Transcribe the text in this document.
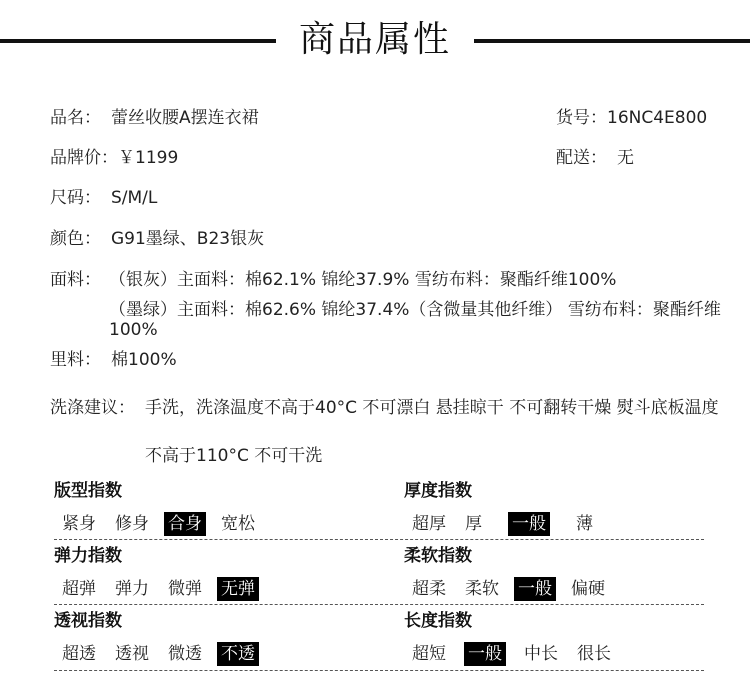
商品属性
品名： 蕾丝收腰A摆连衣裙	货号：16NC4E800
品牌价：￥1199	配送： 无
尺码： S/M/L
颜色： G91墨绿、B23银灰
面料： （银灰）主面料：棉62.1% 锦纶37.9% 雪纺布料：聚酯纤维100%
（墨绿）主面料：棉62.6% 锦纶37.4%（含微量其他纤维） 雪纺布料：聚酯纤维
100%
里料： 棉100%
洗涤建议： 手洗，洗涤温度不高于40°C 不可漂白 悬挂晾干 不可翻转干燥 熨斗底板温度
不高于110°C 不可干洗
版型指数
紧身 修身 合身 宽松
厚度指数
超厚 厚 一般 薄
弹力指数
超弹 弹力 微弹 无弹
柔软指数
超柔 柔软 一般 偏硬
透视指数
超透 透视 微透 不透
长度指数
超短 一般 中长 很长
